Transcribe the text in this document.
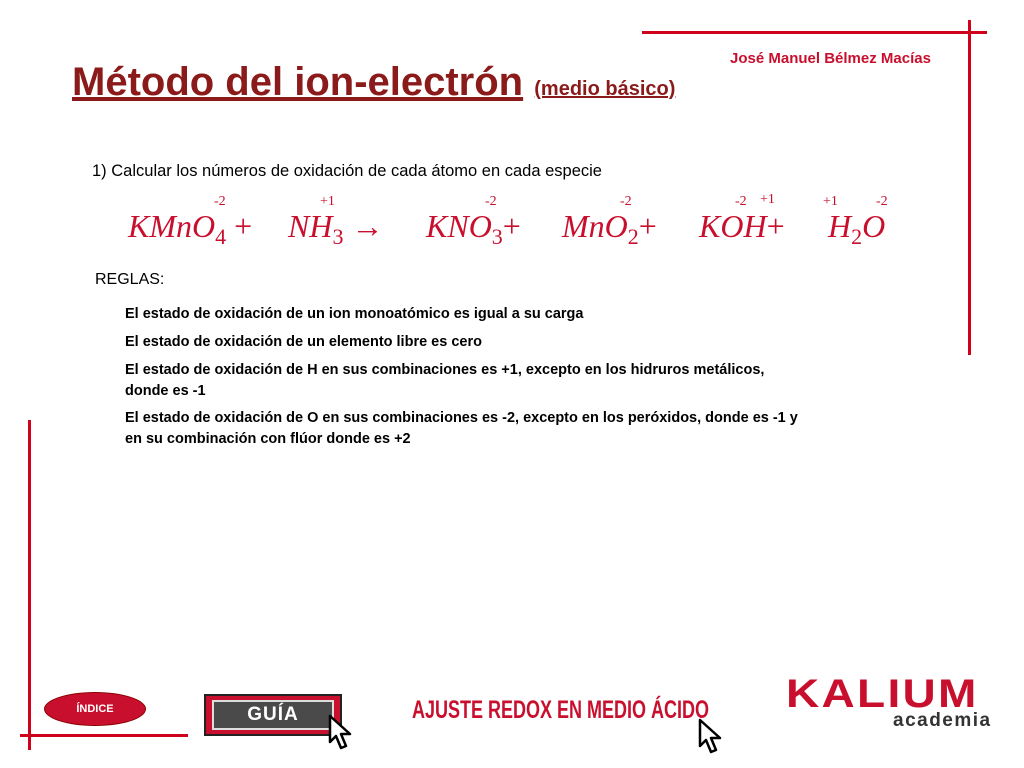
José Manuel Bélmez Macías
Método del ion-electrón (medio básico)
1) Calcular los números de oxidación de cada átomo en cada especie
-2	+1	-2	-2	-2 +1	+1	-2
KMnO$_4$ + $NH_3 \to KNO_3+ MnO_2+ KOH+ H_2O$
REGLAS:
El estado de oxidación de un ion monoatómico es igual a su carga
El estado de oxidación de un elemento libre es cero
El estado de oxidación de H en sus combinaciones es +1, excepto en los hidruros metálicos, donde es -1
El estado de oxidación de O en sus combinaciones es -2, excepto en los peróxidos, donde es -1 y en su combinación con flúor donde es +2
ÍNDICE	GUÍA	AJUSTE REDOX EN MEDIO ÁCIDO KALIUM
academia
